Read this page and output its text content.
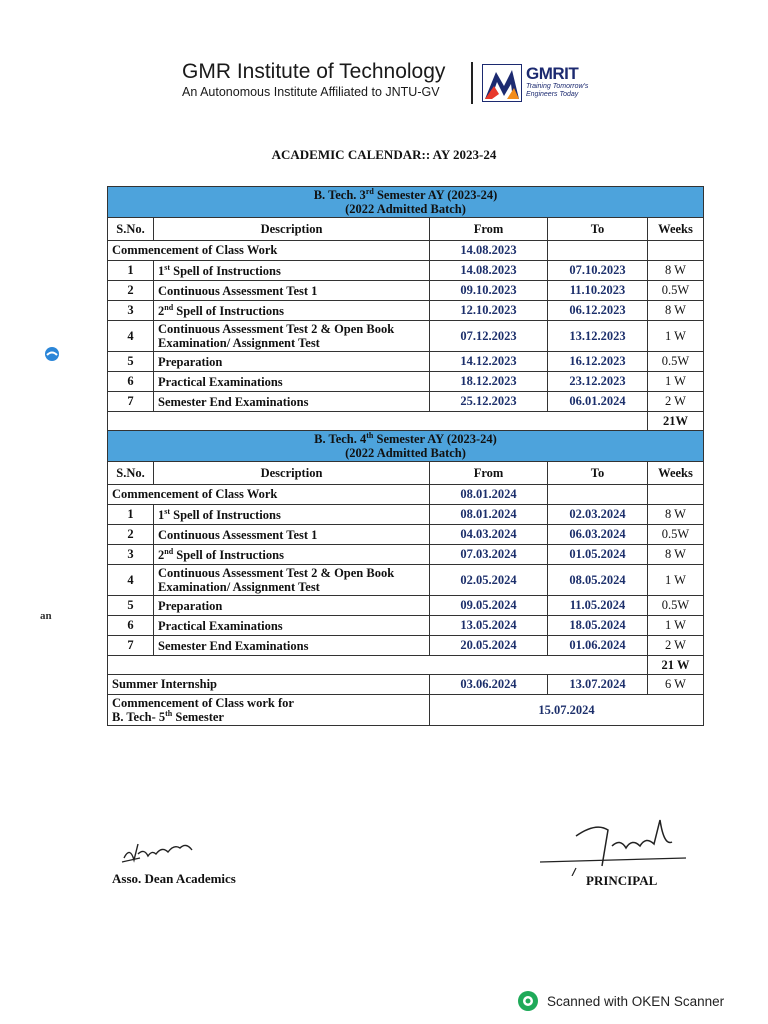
GMR Institute of Technology
An Autonomous Institute Affiliated to JNTU-GV
GMRIT
Training Tomorrow's Engineers Today
ACADEMIC CALENDAR:: AY 2023-24
an
B. Tech. 3rd Semester AY (2023-24)
(2022 Admitted Batch)				
S.No.	Description	From	To	Weeks
Commencement of Class Work		14.08.2023		
1	1st Spell of Instructions	14.08.2023	07.10.2023	8 W
2	Continuous Assessment Test 1	09.10.2023	11.10.2023	0.5W
3	2nd Spell of Instructions	12.10.2023	06.12.2023	8 W
4	Continuous Assessment Test 2 & Open Book Examination/ Assignment Test	07.12.2023	13.12.2023	1 W
5	Preparation	14.12.2023	16.12.2023	0.5W
6	Practical Examinations	18.12.2023	23.12.2023	1 W
7	Semester End Examinations	25.12.2023	06.01.2024	2 W
				21W
B. Tech. 4th Semester AY (2023-24)
(2022 Admitted Batch)				
S.No.	Description	From	To	Weeks
Commencement of Class Work		08.01.2024		
1	1st Spell of Instructions	08.01.2024	02.03.2024	8 W
2	Continuous Assessment Test 1	04.03.2024	06.03.2024	0.5W
3	2nd Spell of Instructions	07.03.2024	01.05.2024	8 W
4	Continuous Assessment Test 2 & Open Book Examination/ Assignment Test	02.05.2024	08.05.2024	1 W
5	Preparation	09.05.2024	11.05.2024	0.5W
6	Practical Examinations	13.05.2024	18.05.2024	1 W
7	Semester End Examinations	20.05.2024	01.06.2024	2 W
				21 W
Summer Internship		03.06.2024	13.07.2024	6 W
Commencement of Class work for
B. Tech- 5th Semester		15.07.2024		
Asso. Dean Academics	PRINCIPAL
Scanned with OKEN Scanner
